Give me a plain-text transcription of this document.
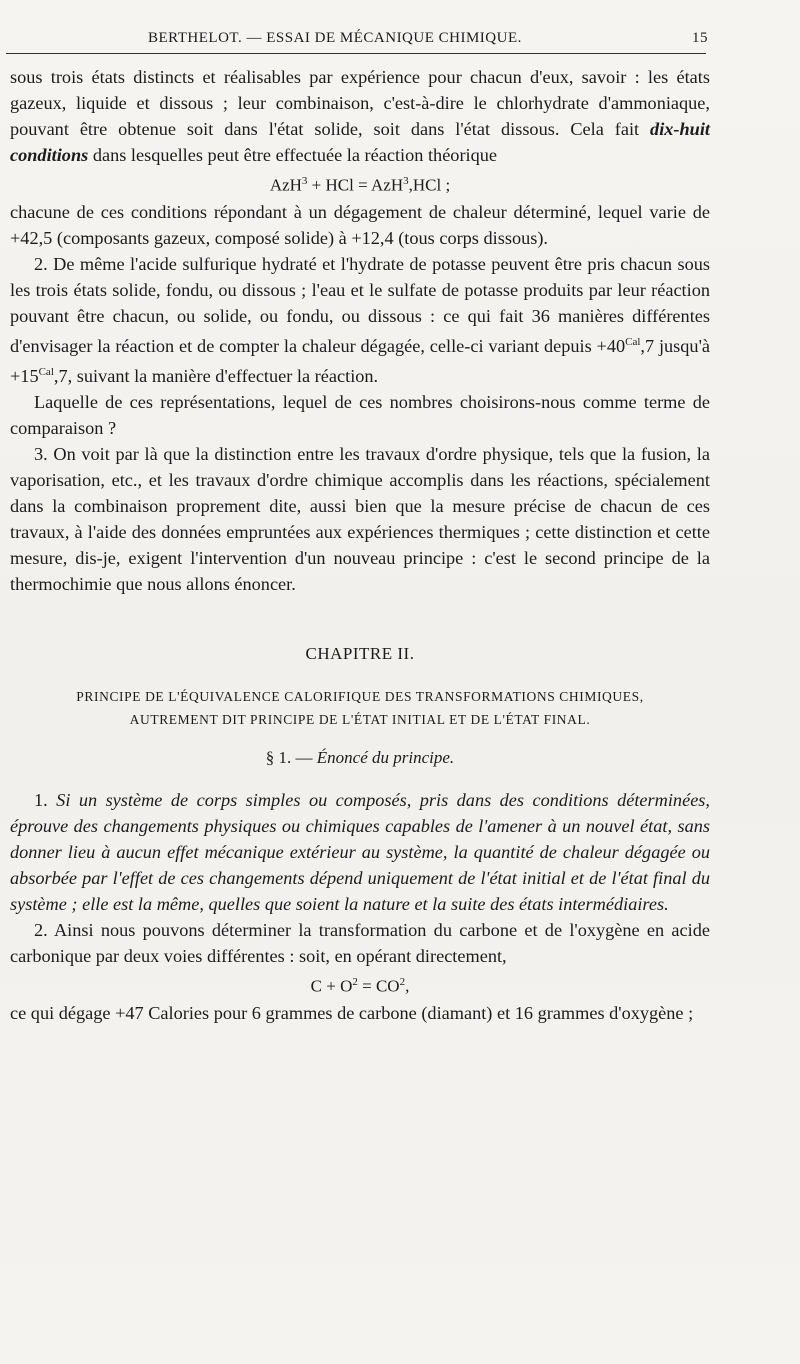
BERTHELOT. — ESSAI DE MÉCANIQUE CHIMIQUE.	15

sous trois états distincts et réalisables par expérience pour chacun d'eux, savoir : les états gazeux, liquide et dissous ; leur combinaison, c'est-à-dire le chlorhydrate d'ammoniaque, pouvant être obtenue soit dans l'état solide, soit dans l'état dissous. Cela fait dix-huit conditions dans lesquelles peut être effectuée la réaction théorique

AzH$^3$ + HCl = AzH$^3$,HCl ;

chacune de ces conditions répondant à un dégagement de chaleur déterminé, lequel varie de +42,5 (composants gazeux, composé solide) à +12,4 (tous corps dissous).

2. De même l'acide sulfurique hydraté et l'hydrate de potasse peuvent être pris chacun sous les trois états solide, fondu, ou dissous ; l'eau et le sulfate de potasse produits par leur réaction pouvant être chacun, ou solide, ou fondu, ou dissous : ce qui fait 36 manières différentes d'envisager la réaction et de compter la chaleur dégagée, celle-ci variant depuis $+40^{Cal},7$ jusqu'à $+15^{Cal},7$, suivant la manière d'effectuer la réaction.

Laquelle de ces représentations, lequel de ces nombres choisirons-nous comme terme de comparaison ?

3. On voit par là que la distinction entre les travaux d'ordre physique, tels que la fusion, la vaporisation, etc., et les travaux d'ordre chimique accomplis dans les réactions, spécialement dans la combinaison proprement dite, aussi bien que la mesure précise de chacun de ces travaux, à l'aide des données empruntées aux expériences thermiques ; cette distinction et cette mesure, dis-je, exigent l'intervention d'un nouveau principe : c'est le second principe de la thermochimie que nous allons énoncer.

CHAPITRE II.

PRINCIPE DE L'ÉQUIVALENCE CALORIFIQUE DES TRANSFORMATIONS CHIMIQUES,

AUTREMENT DIT PRINCIPE DE L'ÉTAT INITIAL ET DE L'ÉTAT FINAL.

§ 1. — Énoncé du principe.

1. Si un système de corps simples ou composés, pris dans des conditions déterminées, éprouve des changements physiques ou chimiques capables de l'amener à un nouvel état, sans donner lieu à aucun effet mécanique extérieur au système, la quantité de chaleur dégagée ou absorbée par l'effet de ces changements dépend uniquement de l'état initial et de l'état final du système ; elle est la même, quelles que soient la nature et la suite des états intermédiaires.

2. Ainsi nous pouvons déterminer la transformation du carbone et de l'oxygène en acide carbonique par deux voies différentes : soit, en opérant directement,

$C + O^2 = CO^2$,

ce qui dégage +47 Calories pour 6 grammes de carbone (diamant) et 16 grammes d'oxygène ;
